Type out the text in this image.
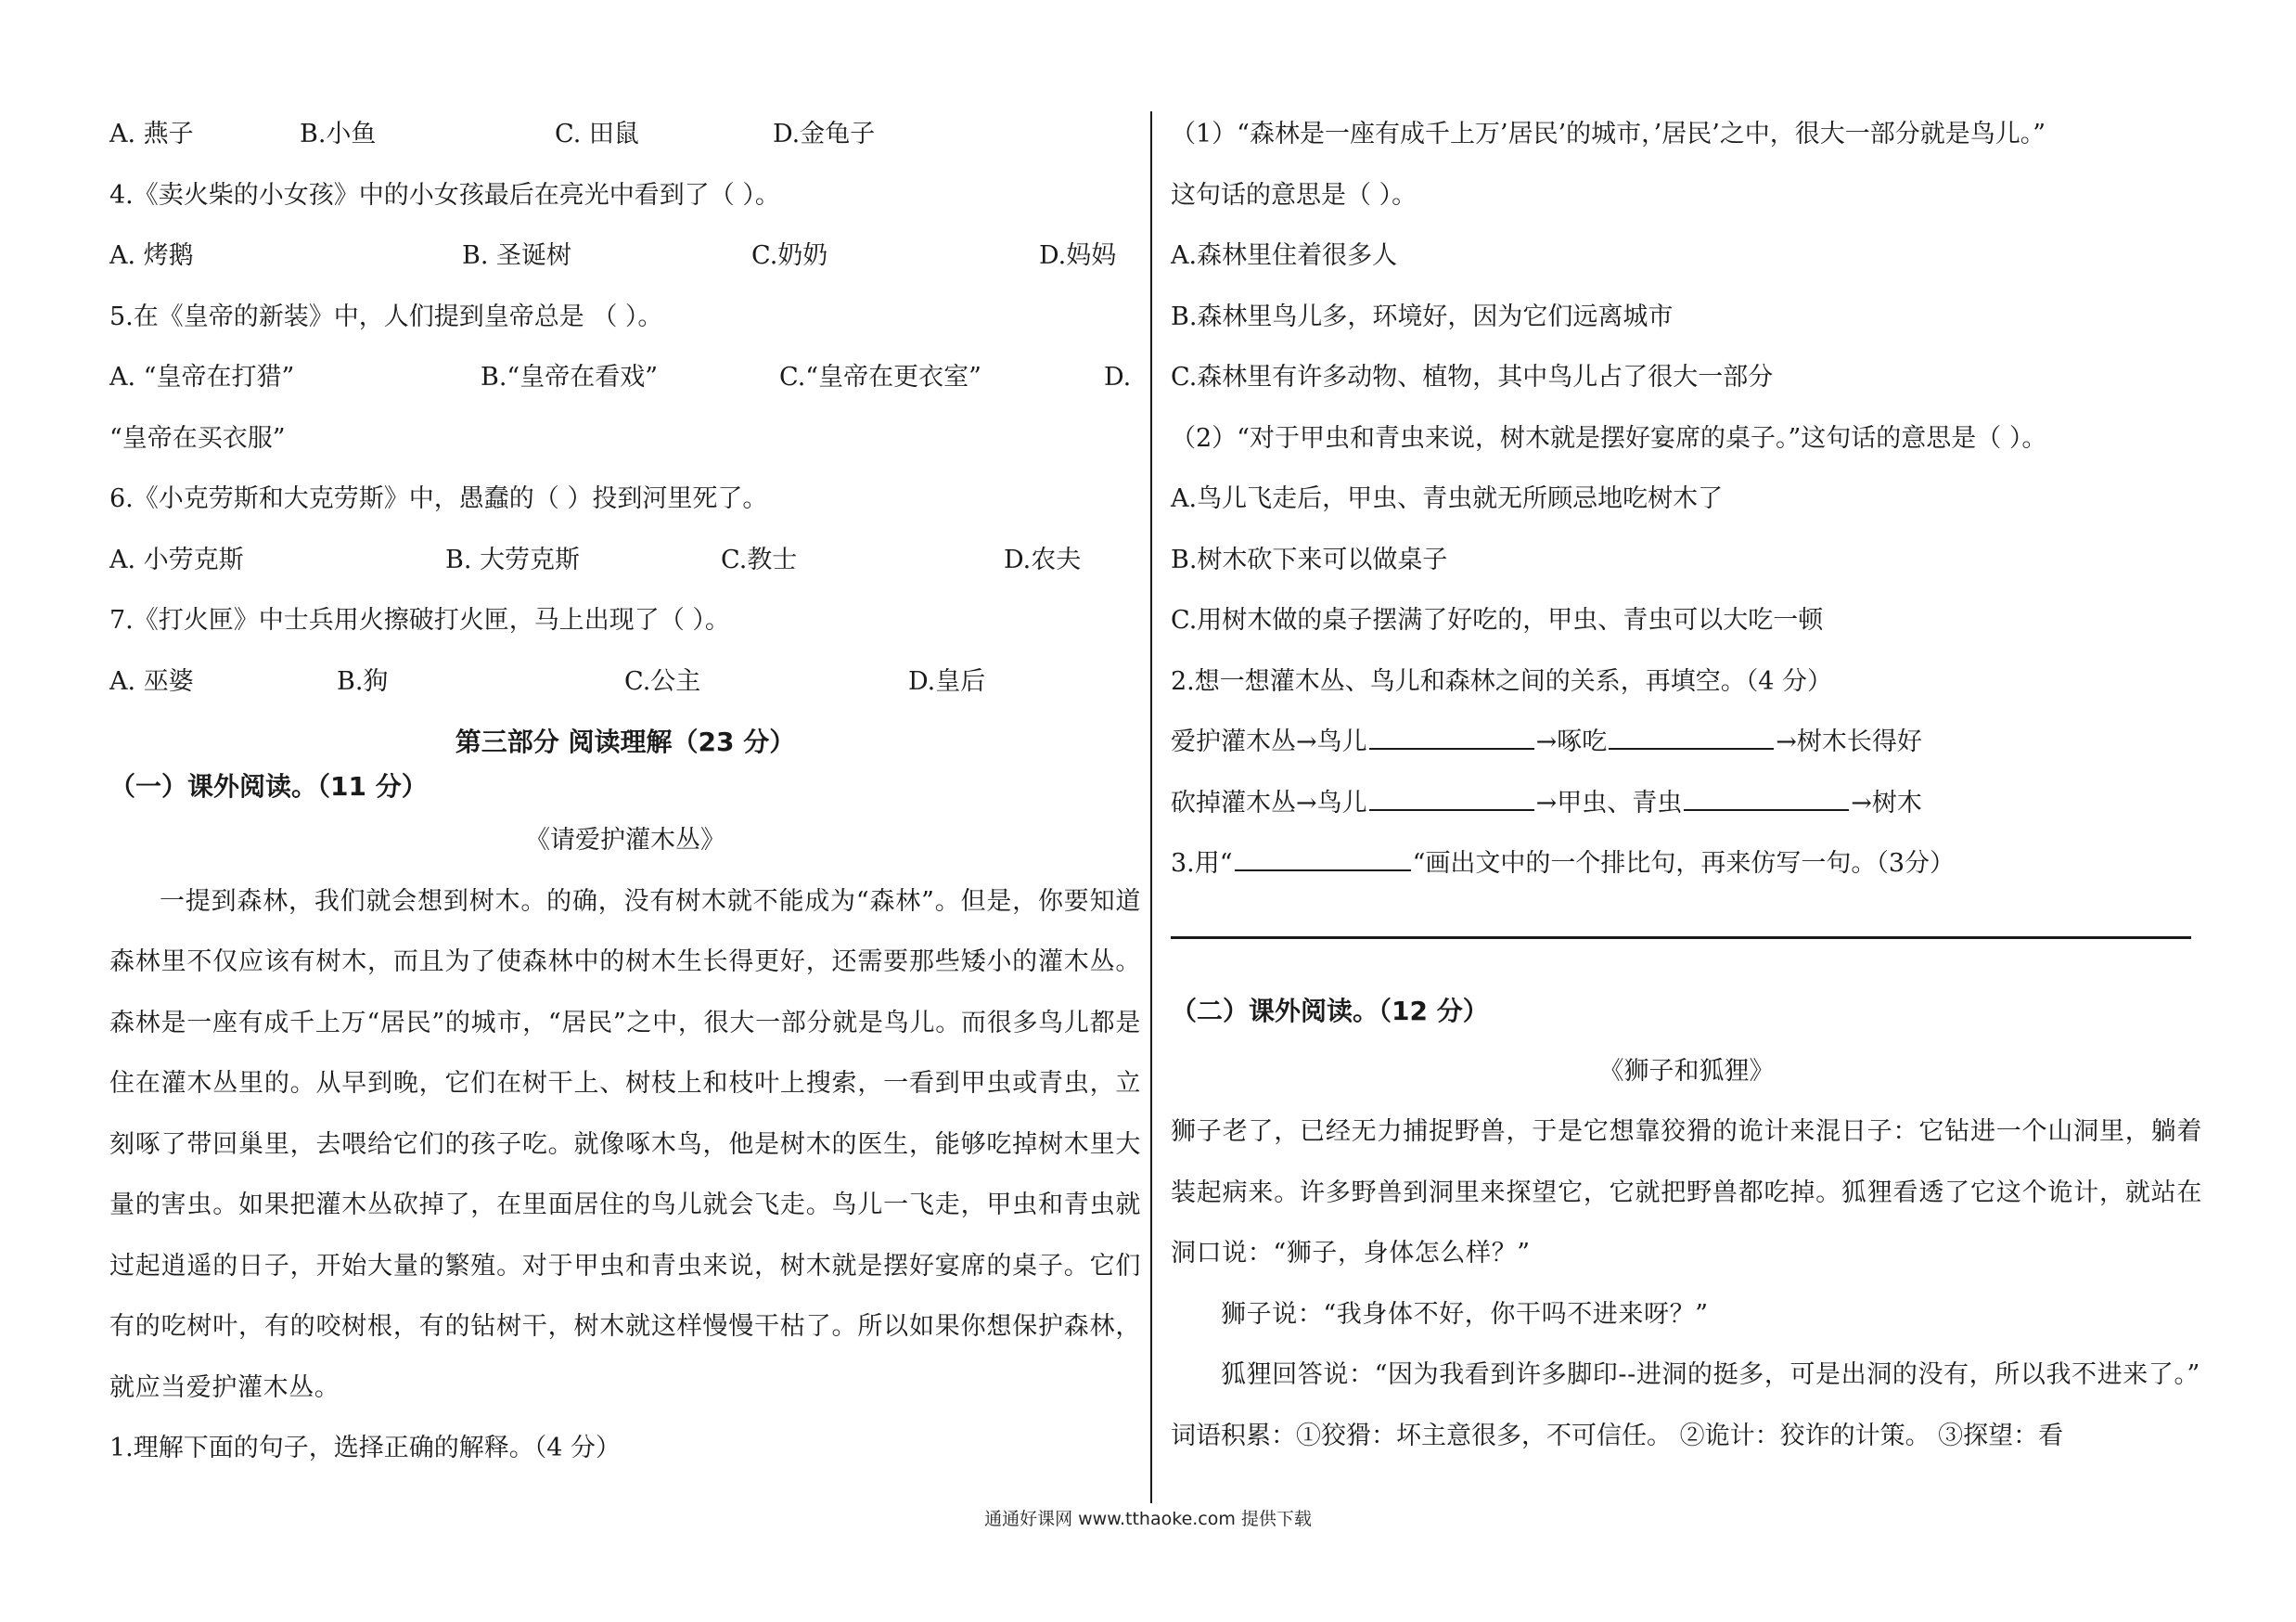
A. 燕子	B.小鱼	C. 田鼠	D.金龟子
4.《卖火柴的小女孩》中的小女孩最后在亮光中看到了（ ）。
A. 烤鹅	B. 圣诞树	C.奶奶	D.妈妈
5.在《皇帝的新装》中，人们提到皇帝总是 （ ）。
A. “皇帝在打猎”	B.“皇帝在看戏”	C.“皇帝在更衣室”	D.
“皇帝在买衣服”
6.《小克劳斯和大克劳斯》中，愚蠢的（ ）投到河里死了。
A. 小劳克斯	B. 大劳克斯	C.教士	D.农夫
7.《打火匣》中士兵用火擦破打火匣，马上出现了（ ）。
A. 巫婆	B.狗	C.公主	D.皇后
第三部分 阅读理解（23 分）
（一）课外阅读。（11 分）
《请爱护灌木丛》
一提到森林，我们就会想到树木。的确，没有树木就不能成为“森林”。但是，你要知道森林里不仅应该有树木，而且为了使森林中的树木生长得更好，还需要那些矮小的灌木丛。森林是一座有成千上万“居民”的城市，“居民”之中，很大一部分就是鸟儿。而很多鸟儿都是住在灌木丛里的。从早到晚，它们在树干上、树枝上和枝叶上搜索，一看到甲虫或青虫，立刻啄了带回巢里，去喂给它们的孩子吃。就像啄木鸟，他是树木的医生，能够吃掉树木里大量的害虫。如果把灌木丛砍掉了，在里面居住的鸟儿就会飞走。鸟儿一飞走，甲虫和青虫就过起逍遥的日子，开始大量的繁殖。对于甲虫和青虫来说，树木就是摆好宴席的桌子。它们有的吃树叶，有的咬树根，有的钻树干，树木就这样慢慢干枯了。所以如果你想保护森林，就应当爱护灌木丛。
1.理解下面的句子，选择正确的解释。（4 分）
（1）“森林是一座有成千上万’居民’的城市，’居民’之中，很大一部分就是鸟儿。”
这句话的意思是（ ）。
A.森林里住着很多人
B.森林里鸟儿多，环境好，因为它们远离城市
C.森林里有许多动物、植物，其中鸟儿占了很大一部分
（2）“对于甲虫和青虫来说，树木就是摆好宴席的桌子。”这句话的意思是（ ）。
A.鸟儿飞走后，甲虫、青虫就无所顾忌地吃树木了
B.树木砍下来可以做桌子
C.用树木做的桌子摆满了好吃的，甲虫、青虫可以大吃一顿
2.想一想灌木丛、鸟儿和森林之间的关系，再填空。（4 分）
爱护灌木丛→鸟儿	→啄吃	→树木长得好
砍掉灌木丛→鸟儿	→甲虫、青虫	→树木
3.用“	“画出文中的一个排比句，再来仿写一句。（3分）
（二）课外阅读。（12 分）
《狮子和狐狸》
狮子老了，已经无力捕捉野兽，于是它想靠狡猾的诡计来混日子：它钻进一个山洞里，躺着装起病来。许多野兽到洞里来探望它，它就把野兽都吃掉。狐狸看透了它这个诡计，就站在洞口说：“狮子，身体怎么样？”
狮子说：“我身体不好，你干吗不进来呀？”
狐狸回答说：“因为我看到许多脚印--进洞的挺多，可是出洞的没有，所以我不进来了。”
词语积累：①狡猾：坏主意很多，不可信任。 ②诡计：狡诈的计策。 ③探望：看
通通好课网 www.tthaoke.com 提供下载
